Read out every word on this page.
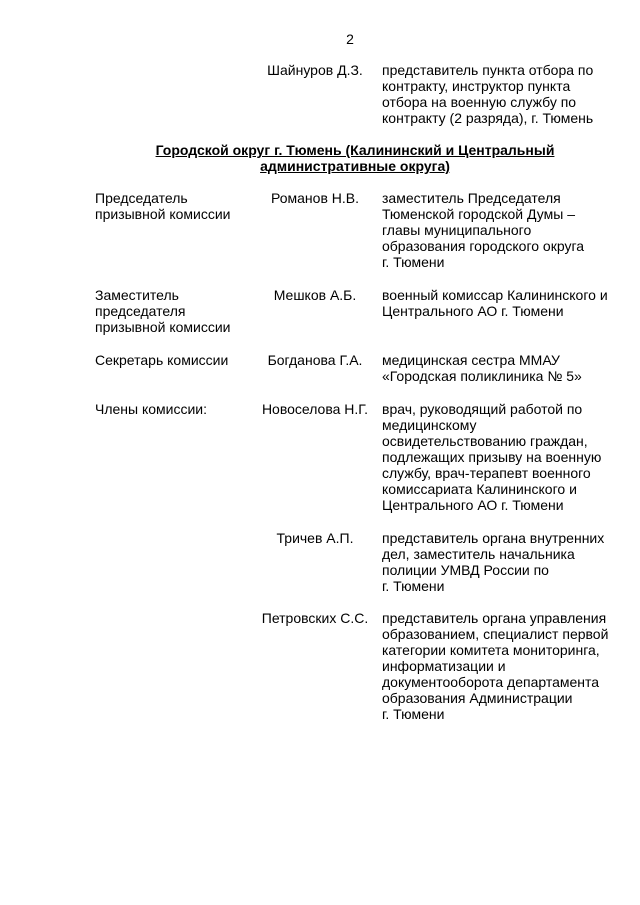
2
Шайнуров Д.З.	представитель пункта отбора по
контракту, инструктор пункта
отбора на военную службу по
контракту (2 разряда), г. Тюмень
Городской округ г. Тюмень (Калининский и Центральный
административные округа)
Председатель
призывной комиссии
Романов Н.В.	заместитель Председателя
Тюменской городской Думы –
главы муниципального
образования городского округа
г. Тюмени
Заместитель
председателя
призывной комиссии
Мешков А.Б.	военный комиссар Калининского и
Центрального АО г. Тюмени
Секретарь комиссии	Богданова Г.А.	медицинская сестра ММАУ
«Городская поликлиника № 5»
Члены комиссии:	Новоселова Н.Г. врач, руководящий работой по
медицинскому
освидетельствованию граждан,
подлежащих призыву на военную
службу, врач-терапевт военного
комиссариата Калининского и
Центрального АО г. Тюмени
Тричев А.П.	представитель органа внутренних
дел, заместитель начальника
полиции УМВД России по
г. Тюмени
Петровских С.С. представитель органа управления
образованием, специалист первой
категории комитета мониторинга,
информатизации и
документооборота департамента
образования Администрации
г. Тюмени
